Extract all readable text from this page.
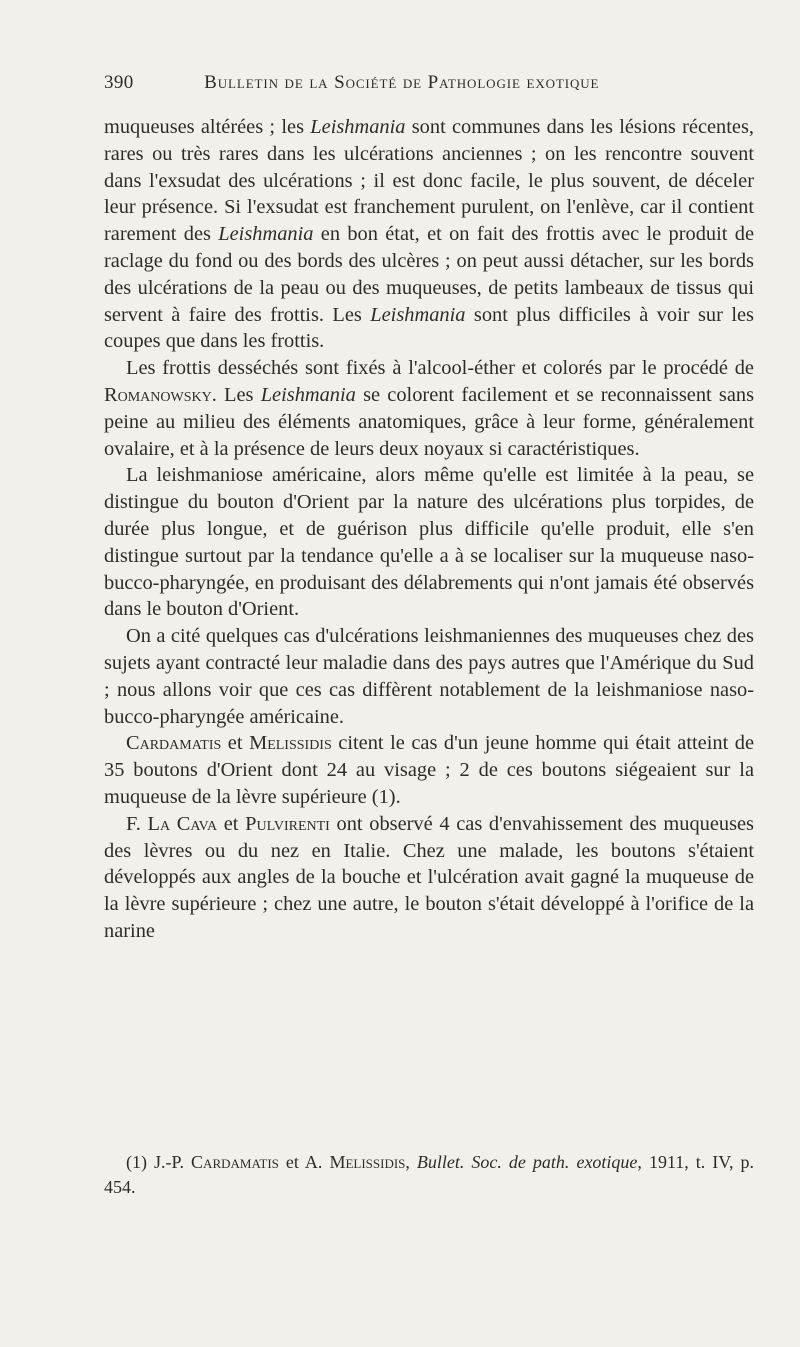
390	Bulletin de la Société de Pathologie exotique

muqueuses altérées ; les Leishmania sont communes dans les lésions récentes, rares ou très rares dans les ulcérations anciennes ; on les rencontre souvent dans l'exsudat des ulcérations ; il est donc facile, le plus souvent, de déceler leur présence. Si l'exsudat est franchement purulent, on l'enlève, car il contient rarement des Leishmania en bon état, et on fait des frottis avec le produit de raclage du fond ou des bords des ulcères ; on peut aussi détacher, sur les bords des ulcérations de la peau ou des muqueuses, de petits lambeaux de tissus qui servent à faire des frottis. Les Leishmania sont plus difficiles à voir sur les coupes que dans les frottis.

Les frottis desséchés sont fixés à l'alcool-éther et colorés par le procédé de Romanowsky. Les Leishmania se colorent facilement et se reconnaissent sans peine au milieu des éléments anatomiques, grâce à leur forme, généralement ovalaire, et à la présence de leurs deux noyaux si caractéristiques.

La leishmaniose américaine, alors même qu'elle est limitée à la peau, se distingue du bouton d'Orient par la nature des ulcérations plus torpides, de durée plus longue, et de guérison plus difficile qu'elle produit, elle s'en distingue surtout par la tendance qu'elle a à se localiser sur la muqueuse naso-bucco-pharyngée, en produisant des délabrements qui n'ont jamais été observés dans le bouton d'Orient.

On a cité quelques cas d'ulcérations leishmaniennes des muqueuses chez des sujets ayant contracté leur maladie dans des pays autres que l'Amérique du Sud ; nous allons voir que ces cas diffèrent notablement de la leishmaniose naso-bucco-pharyngée américaine.

Cardamatis et Melissidis citent le cas d'un jeune homme qui était atteint de 35 boutons d'Orient dont 24 au visage ; 2 de ces boutons siégeaient sur la muqueuse de la lèvre supérieure (1).

F. La Cava et Pulvirenti ont observé 4 cas d'envahissement des muqueuses des lèvres ou du nez en Italie. Chez une malade, les boutons s'étaient développés aux angles de la bouche et l'ulcération avait gagné la muqueuse de la lèvre supérieure ; chez une autre, le bouton s'était développé à l'orifice de la narine

(1) J.-P. Cardamatis et A. Melissidis, Bullet. Soc. de path. exotique, 1911, t. IV, p. 454.
